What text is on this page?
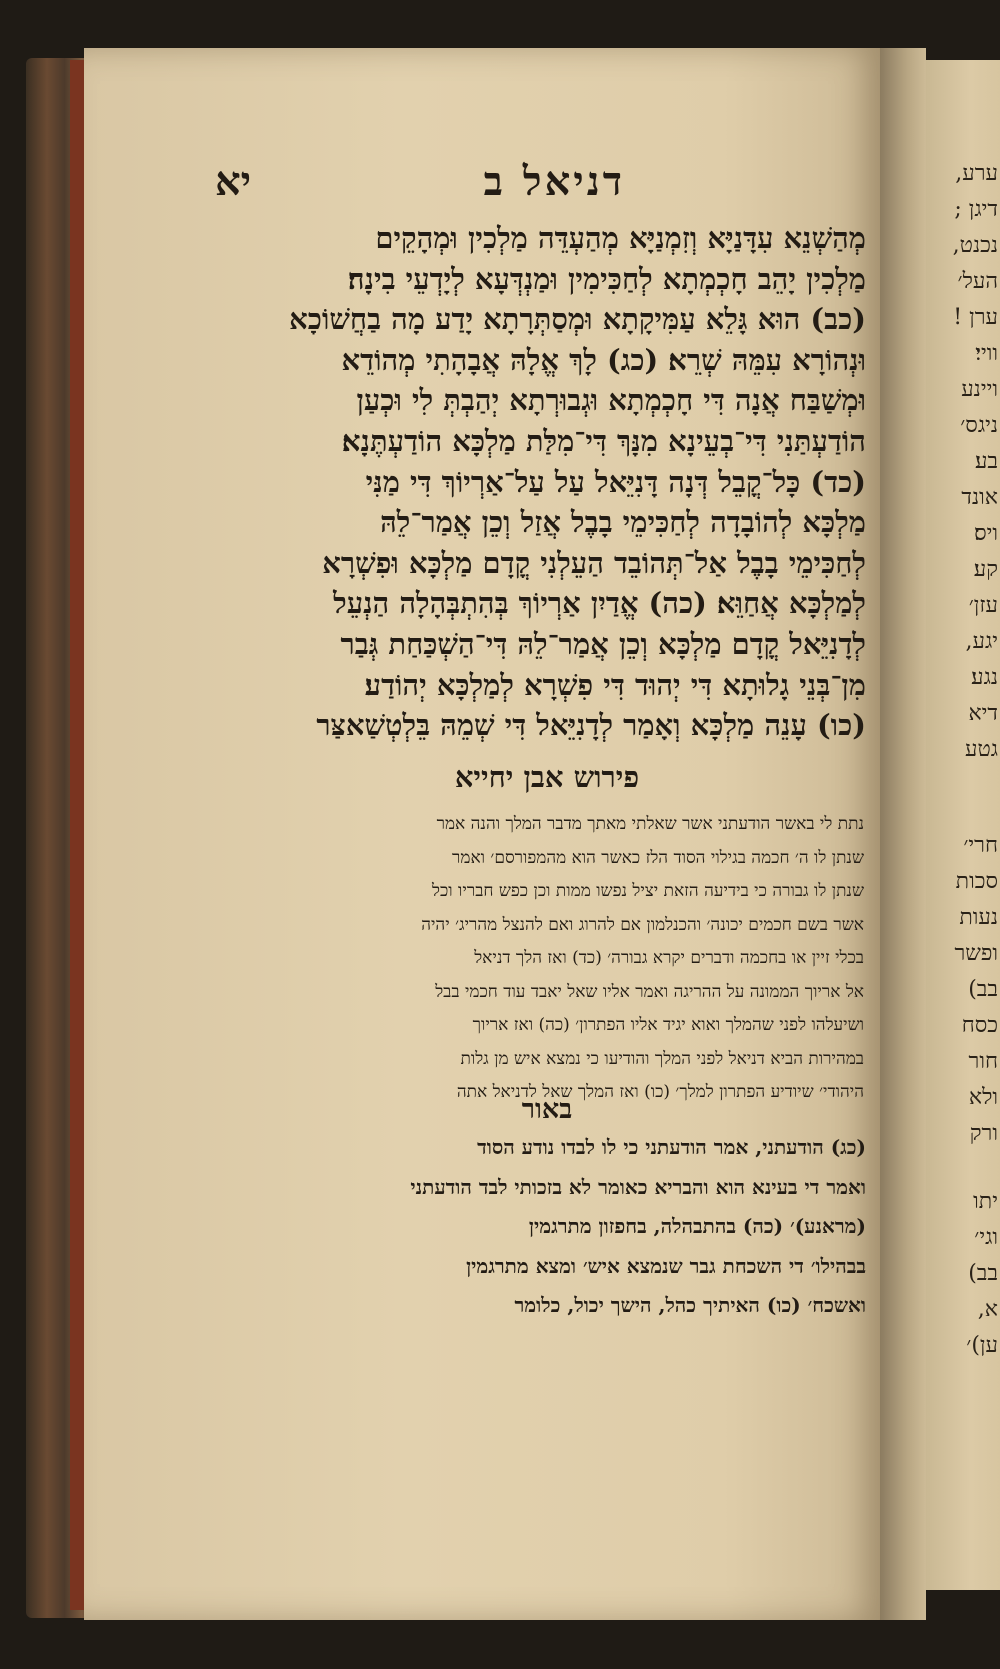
ערע,
דיגן ;
נכנט,
העל׳
ערן !
וויי׃
ויינע
ניגס׳
בע׃
אונד
ויס׃
קע׃
עזן׳
יגע,
נגע׃
דיא
גטע
חרי׳
סכות
נעות
ופשר
בב)
כסח
חור
ולא
ורק
יתו
וגי׳
בב)
א,
ען)׳
יא	דניאל ב
מְהַשְׁנֵא עִדָּנַיָּא וְזִמְנַיָּא מְהַעְדֵּה מַלְכִין וּמְהָקֵים
מַלְכִין יָהֵב חָכְמְתָא לְחַכִּימִין וּמַנְדְּעָא לְיָדְעֵי בִינָה׃
(כב) הוּא גָּלֵא עַמִּיקָתָא וּמְסַתְּרָתָא יָדַע מָה בַחֲשׁוֹכָא
וּנְהוֹרָא עִמֵּהּ שְׁרֵא׃ (כג) לָךְ אֱלָהּ אֲבָהָתִי מְהוֹדֵא
וּמְשַׁבַּח אֲנָה דִּי חָכְמְתָא וּגְבוּרְתָא יְהַבְתְּ לִי וּכְעַן
הוֹדַעְתַּנִי דִּי־בְעֵינָא מִנָּךְ דִּי־מִלַּת מַלְכָּא הוֹדַעְתֶּנָא׃
(כד) כָּל־קֳבֵל דְּנָה דָּנִיֵּאל עַל עַל־אַרְיוֹךְ דִּי מַנִּי
מַלְכָּא לְהוֹבָדָה לְחַכִּימֵי בָבֶל אֲזַל וְכֵן אֲמַר־לֵהּ
לְחַכִּימֵי בָבֶל אַל־תְּהוֹבֵד הַעֵלְנִי קֳדָם מַלְכָּא וּפִשְׁרָא
לְמַלְכָּא אֲחַוֵּא׃ (כה) אֱדַיִן אַרְיוֹךְ בְּהִתְבְּהָלָה הַנְעֵל
לְדָנִיֵּאל קֳדָם מַלְכָּא וְכֵן אֲמַר־לֵהּ דִּי־הַשְׁכַּחַת גְּבַר
מִן־בְּנֵי גָלוּתָא דִּי יְהוּד דִּי פִשְׁרָא לְמַלְכָּא יְהוֹדַע׃
(כו) עָנֵה מַלְכָּא וְאָמַר לְדָנִיֵּאל דִּי שְׁמֵהּ בֵּלְטְשַׁאצַּר
פירוש אבן יחייא
נתת לי באשר הודעתני אשר שאלתי מאתך מדבר המלך והנה אמר
שנתן לו ה׳ חכמה בגילוי הסוד הלז כאשר הוא מהמפורסם׳ ואמר
שנתן לו גבורה כי בידיעה הזאת יציל נפשו ממות וכן כפש חבריו וכל
אשר בשם חכמים יכונה׳ והכנלמון אם להרוג ואם להנצל מהריג׳ יהיה
בכלי זיין או בחכמה ודברים יקרא גבורה׳ (כד) ואז הלך דניאל
אל אריוך הממונה על ההריגה ואמר אליו שאל יאבד עוד חכמי בבל
ושיעלהו לפני שהמלך ואוא יגיד אליו הפתרון׳ (כה) ואז אריוך
במהירות הביא דניאל לפני המלך והודיעו כי נמצא איש מן גלות
היהודי׳ שיודיע הפתרון למלך׳ (כו) ואז המלך שאל לדניאל אתה
באור
(כג) הודעתני, אמר הודעתני כי לו לבדו נודע הסוד
ואמר די בעינא הוא והבריא כאומר לא בזכותי לבד הודעתני
(מראנע)׳ (כה) בהתבהלה, בחפזון מתרגמין
בבהילו׳ די השכחת גבר שנמצא איש׳ ומצא מתרגמין
ואשכח׳ (כו) האיתיך כהל, הישך יכול, כלומר
